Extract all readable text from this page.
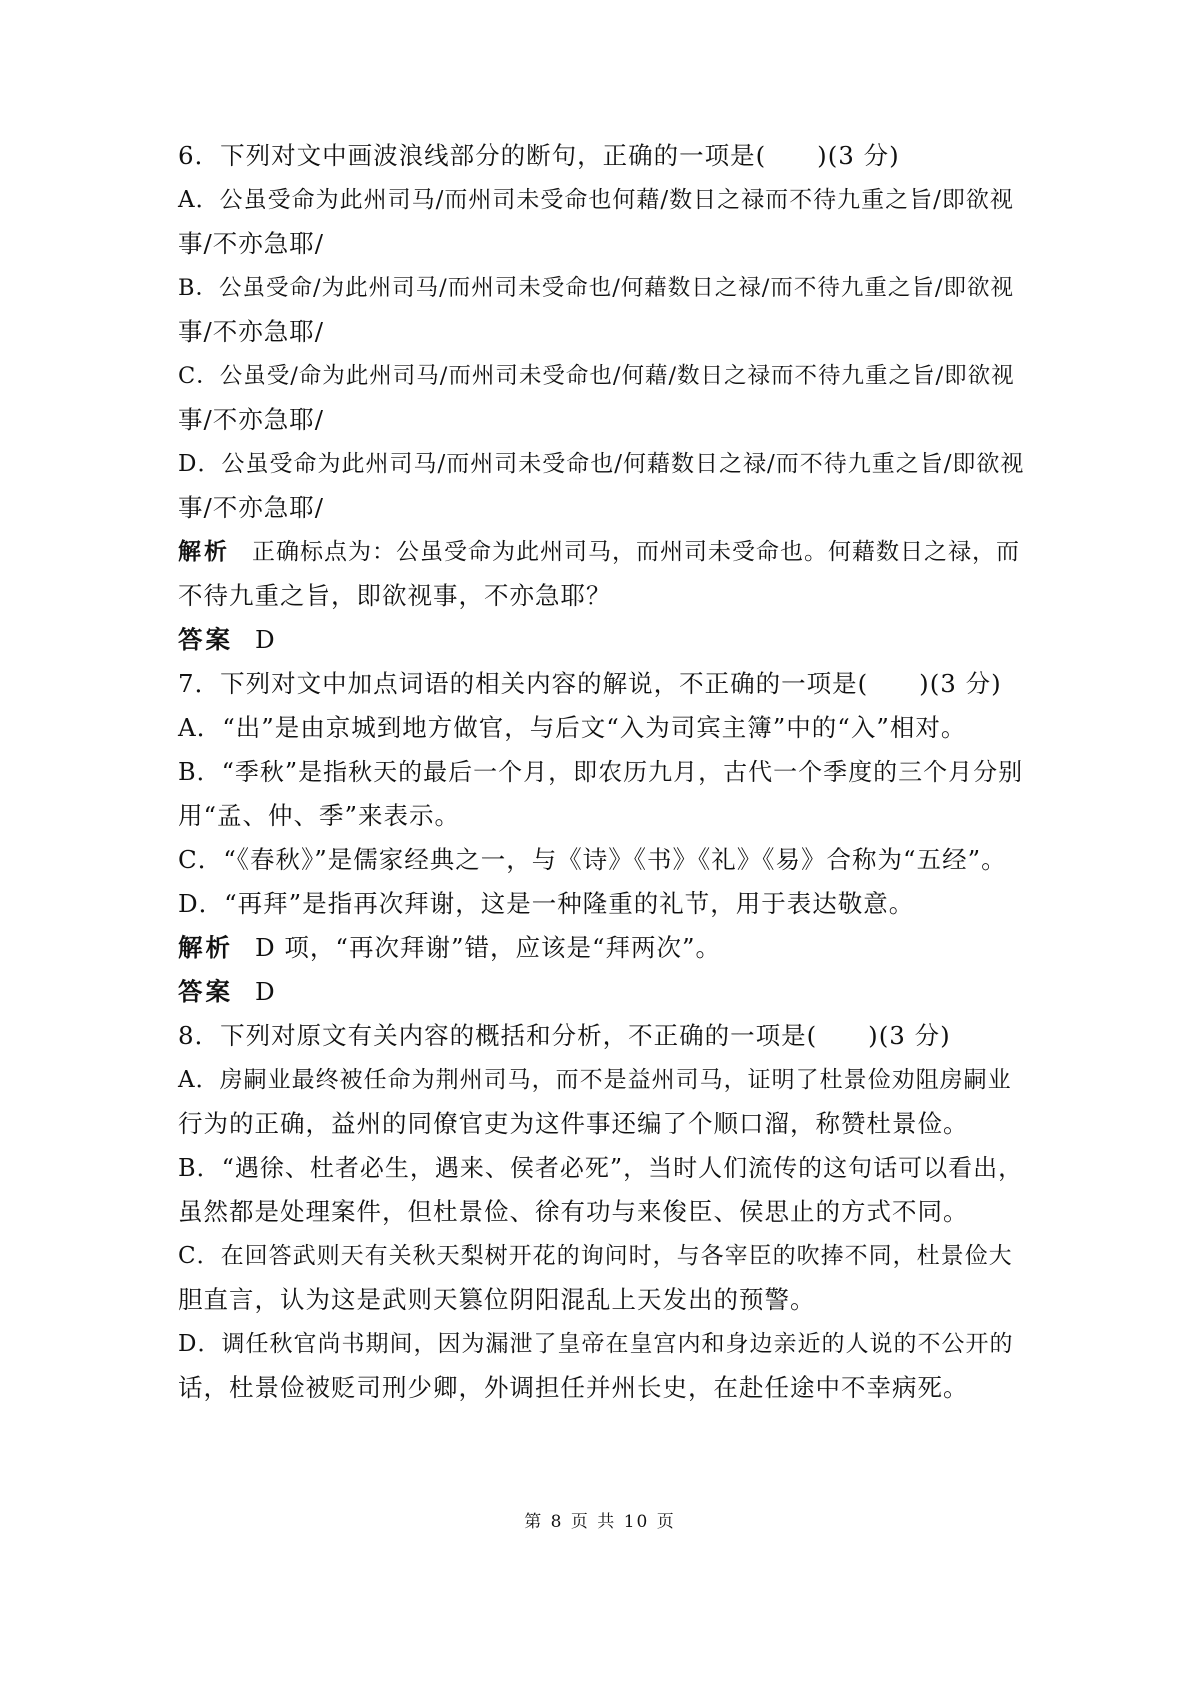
6．下列对文中画波浪线部分的断句，正确的一项是(　　)(3 分)
A．公虽受命为此州司马/而州司未受命也何藉/数日之禄而不待九重之旨/即欲视
事/不亦急耶/
B．公虽受命/为此州司马/而州司未受命也/何藉数日之禄/而不待九重之旨/即欲视
事/不亦急耶/
C．公虽受/命为此州司马/而州司未受命也/何藉/数日之禄而不待九重之旨/即欲视
事/不亦急耶/
D．公虽受命为此州司马/而州司未受命也/何藉数日之禄/而不待九重之旨/即欲视
事/不亦急耶/
解析 正确标点为：公虽受命为此州司马，而州司未受命也。何藉数日之禄，而
不待九重之旨，即欲视事，不亦急耶？
答案 D
7．下列对文中加点词语的相关内容的解说，不正确的一项是(　　)(3 分)
A．“出”是由京城到地方做官，与后文“入为司宾主簿”中的“入”相对。
B．“季秋”是指秋天的最后一个月，即农历九月，古代一个季度的三个月分别
用“孟、仲、季”来表示。
C．“《春秋》”是儒家经典之一，与《诗》《书》《礼》《易》合称为“五经”。
D．“再拜”是指再次拜谢，这是一种隆重的礼节，用于表达敬意。
解析 D 项，“再次拜谢”错，应该是“拜两次”。
答案 D
8．下列对原文有关内容的概括和分析，不正确的一项是(　　)(3 分)
A．房嗣业最终被任命为荆州司马，而不是益州司马，证明了杜景俭劝阻房嗣业
行为的正确，益州的同僚官吏为这件事还编了个顺口溜，称赞杜景俭。
B．“遇徐、杜者必生，遇来、侯者必死”，当时人们流传的这句话可以看出，
虽然都是处理案件，但杜景俭、徐有功与来俊臣、侯思止的方式不同。
C．在回答武则天有关秋天梨树开花的询问时，与各宰臣的吹捧不同，杜景俭大
胆直言，认为这是武则天篡位阴阳混乱上天发出的预警。
D．调任秋官尚书期间，因为漏泄了皇帝在皇宫内和身边亲近的人说的不公开的
话，杜景俭被贬司刑少卿，外调担任并州长史，在赴任途中不幸病死。
第 8 页 共 10 页
